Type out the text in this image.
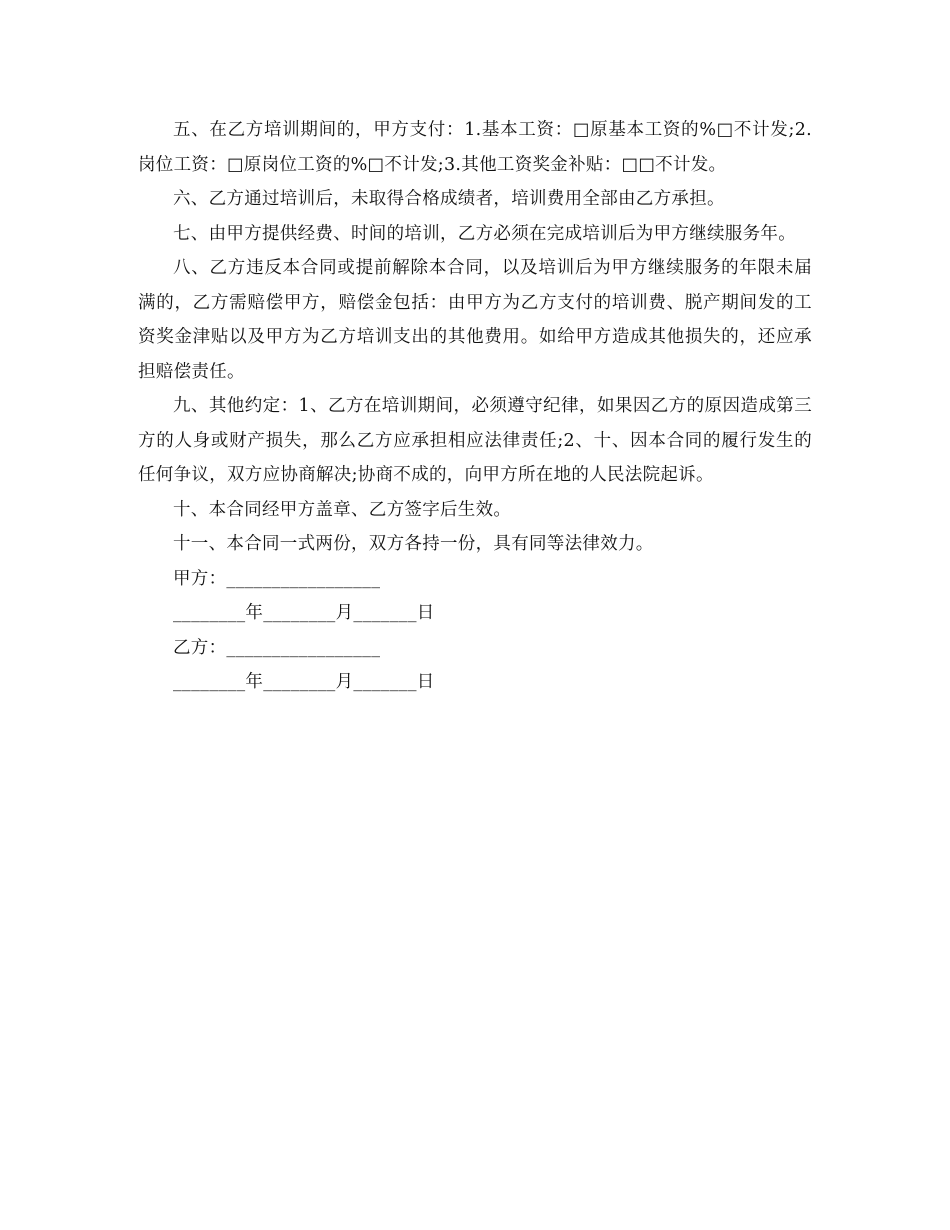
五、在乙方培训期间的，甲方支付：1.基本工资：□原基本工资的%□不计发;2.岗位工资：□原岗位工资的%□不计发;3.其他工资奖金补贴：□□不计发。

六、乙方通过培训后，未取得合格成绩者，培训费用全部由乙方承担。

七、由甲方提供经费、时间的培训，乙方必须在完成培训后为甲方继续服务年。

八、乙方违反本合同或提前解除本合同，以及培训后为甲方继续服务的年限未届满的，乙方需赔偿甲方，赔偿金包括：由甲方为乙方支付的培训费、脱产期间发的工资奖金津贴以及甲方为乙方培训支出的其他费用。如给甲方造成其他损失的，还应承担赔偿责任。

九、其他约定：1、乙方在培训期间，必须遵守纪律，如果因乙方的原因造成第三方的人身或财产损失，那么乙方应承担相应法律责任;2、十、因本合同的履行发生的任何争议，双方应协商解决;协商不成的，向甲方所在地的人民法院起诉。

十、本合同经甲方盖章、乙方签字后生效。

十一、本合同一式两份，双方各持一份，具有同等法律效力。

甲方：_________________

________年________月_______日

乙方：_________________

________年________月_______日
